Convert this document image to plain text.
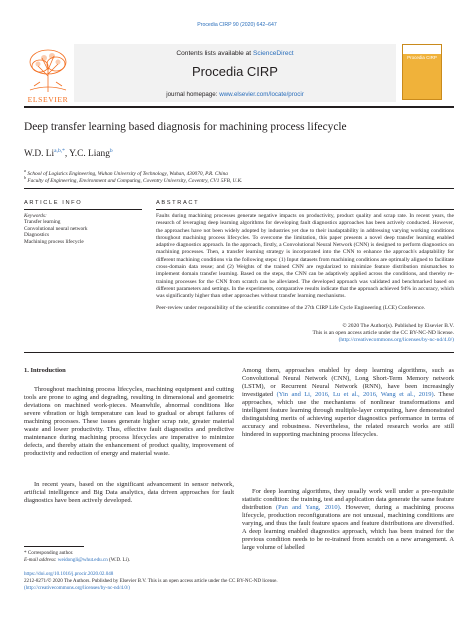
Procedia CIRP 90 (2020) 642–647
Contents lists available at ScienceDirect
Procedia CIRP
journal homepage: www.elsevier.com/locate/procir
ELSEVIER
Procedia CIRP
Deep transfer learning based diagnosis for machining process lifecycle
W.D. $Li^{a,b,*}$, Y.C. Liang$^b$
$^a$ School of Logistics Engineering, Wuhan University of Technology, Wuhan, 430070, P.R. China
$^b$ Faculty of Engineering, Environment and Computing, Coventry University, Coventry, CV1 5FB, U.K.
ARTICLE INFO
Keywords:
Transfer learning
Convolutional neural network
Diagnostics
Machining process lifecycle
ABSTRACT
Faults during machining processes generate negative impacts on productivity, product quality and scrap rate. In recent years, the research of leveraging deep learning algorithms for developing fault diagnostics approaches has been actively conducted. However, the approaches have not been widely adopted by industries yet due to their inadaptability in addressing varying working conditions throughout machining process lifecycles. To overcome the limitation, this paper presents a novel deep transfer learning enabled adaptive diagnostics approach. In the approach, firstly, a Convolutional Neural Network (CNN) is designed to perform diagnostics on machining processes. Then, a transfer learning strategy is incorporated into the CNN to enhance the approach's adaptability for different machining conditions via the following steps: (1) Input datasets from machining conditions are optimally aligned to facilitate cross-domain data reuse; and (2) Weights of the trained CNN are regularized to minimize feature distribution mismatches to implement domain transfer learning. Based on the steps, the CNN can be adaptively applied across the conditions, and thereby re-training processes for the CNN from scratch can be alleviated. The developed approach was validated and benchmarked based on different parameters and settings. In the experiments, comparative results indicate that the approach achieved 94% in accuracy, which was significantly higher than other approaches without transfer learning mechanisms.
Peer-review under responsibility of the scientific committee of the 27th CIRP Life Cycle Engineering (LCE) Conference.
© 2020 The Author(s). Published by Elsevier B.V.
This is an open access article under the CC BY-NC-ND license.
(http://creativecommons.org/licenses/by-nc-nd/4.0/)
1. Introduction
Throughout machining process lifecycles, machining equipment and cutting tools are prone to aging and degrading, resulting in dimensional and geometric deviations on machined work-pieces. Meanwhile, abnormal conditions like severe vibration or high temperature can lead to gradual or abrupt failures of machining processes. These issues generate higher scrap rate, greater material waste and lower productivity. Thus, effective fault diagnostics and predictive maintenance during machining process lifecycles are imperative to minimize defects, and thereby attain the enhancement of product quality, improvement of productivity and reduction of energy and material waste.
In recent years, based on the significant advancement in sensor network, artificial intelligence and Big Data analytics, data driven approaches for fault diagnostics have been actively developed.
Among them, approaches enabled by deep learning algorithms, such as Convolutional Neural Network (CNN), Long Short-Term Memory network (LSTM), or Recurrent Neural Network (RNN), have been increasingly investigated (Yin and Li, 2016, Lu et al., 2016, Wang et al., 2019). These approaches, which use the mechanisms of nonlinear transformations and intelligent feature learning through multiple-layer computing, have demonstrated distinguishing merits of achieving superior diagnostics performance in terms of accuracy and robustness. Nevertheless, the related research works are still hindered in supporting machining process lifecycles.
For deep learning algorithms, they usually work well under a pre-requisite statistic condition: the training, test and application data generate the same feature distribution (Pan and Yang, 2010). However, during a machining process lifecycle, production reconfigurations are not unusual, machining conditions are varying, and thus the fault feature spaces and feature distributions are diversified. A deep learning enabled diagnostics approach, which has been trained for the previous condition needs to be re-trained from scratch on a new arrangement. A large volume of labelled
* Corresponding author.
E-mail address: weidongli@whut.edu.cn (W.D. Li).
https://doi.org/10.1016/j.procir.2020.02.048
2212-8271/© 2020 The Authors. Published by Elsevier B.V. This is an open access article under the CC BY-NC-ND license.
(http://creativecommons.org/licenses/by-nc-nd/4.0/)
